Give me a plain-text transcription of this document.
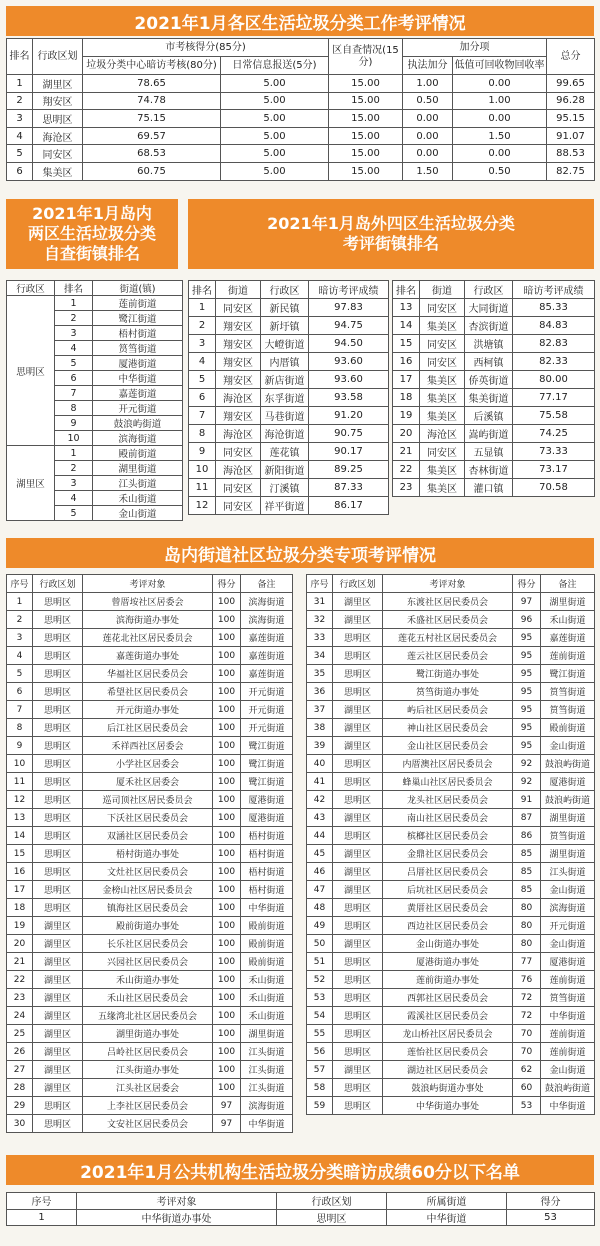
2021年1月各区生活垃圾分类工作考评情况
排名	行政区划	市考核得分(85分)		区自查情况(15分)	加分项		总分
		垃圾分类中心暗访考核(80分)	日常信息报送(5分)		执法加分	低值可回收物回收率	
1	湖里区	78.65	5.00	15.00	1.00	0.00	99.65
2	翔安区	74.78	5.00	15.00	0.50	1.00	96.28
3	思明区	75.15	5.00	15.00	0.00	0.00	95.15
4	海沧区	69.57	5.00	15.00	0.00	1.50	91.07
5	同安区	68.53	5.00	15.00	0.00	0.00	88.53
6	集美区	60.75	5.00	15.00	1.50	0.50	82.75
2021年1月岛内
两区生活垃圾分类
自查街镇排名
行政区	排名	街道(镇)
思明区	1	莲前街道
	2	鹭江街道
	3	梧村街道
	4	筼筜街道
	5	厦港街道
	6	中华街道
	7	嘉莲街道
	8	开元街道
	9	鼓浪屿街道
	10	滨海街道
湖里区	1	殿前街道
	2	湖里街道
	3	江头街道
	4	禾山街道
	5	金山街道
2021年1月岛外四区生活垃圾分类
考评街镇排名
排名	街道	行政区	暗访考评成绩
1	同安区	新民镇	97.83
2	翔安区	新圩镇	94.75
3	翔安区	大嶝街道	94.50
4	翔安区	内厝镇	93.60
5	翔安区	新店街道	93.60
6	海沧区	东孚街道	93.58
7	翔安区	马巷街道	91.20
8	海沧区	海沧街道	90.75
9	同安区	莲花镇	90.17
10	海沧区	新阳街道	89.25
11	同安区	汀溪镇	87.33
12	同安区	祥平街道	86.17
排名	街道	行政区	暗访考评成绩
13	同安区	大同街道	85.33
14	集美区	杏滨街道	84.83
15	同安区	洪塘镇	82.83
16	同安区	西柯镇	82.33
17	集美区	侨英街道	80.00
18	集美区	集美街道	77.17
19	集美区	后溪镇	75.58
20	海沧区	嵩屿街道	74.25
21	同安区	五显镇	73.33
22	集美区	杏林街道	73.17
23	集美区	灌口镇	70.58
岛内街道社区垃圾分类专项考评情况
序号	行政区划	考评对象	得分	备注
1	思明区	曾厝垵社区居委会	100	滨海街道
2	思明区	滨海街道办事处	100	滨海街道
3	思明区	莲花北社区居民委员会	100	嘉莲街道
4	思明区	嘉莲街道办事处	100	嘉莲街道
5	思明区	华福社区居民委员会	100	嘉莲街道
6	思明区	希望社区居民委员会	100	开元街道
7	思明区	开元街道办事处	100	开元街道
8	思明区	后江社区居民委员会	100	开元街道
9	思明区	禾祥西社区居委会	100	鹭江街道
10	思明区	小学社区居委会	100	鹭江街道
11	思明区	厦禾社区居委会	100	鹭江街道
12	思明区	巡司顶社区居民委员会	100	厦港街道
13	思明区	下沃社区居民委员会	100	厦港街道
14	思明区	双涵社区居民委员会	100	梧村街道
15	思明区	梧村街道办事处	100	梧村街道
16	思明区	文灶社区居民委员会	100	梧村街道
17	思明区	金榜山社区居民委员会	100	梧村街道
18	思明区	镇海社区居民委员会	100	中华街道
19	湖里区	殿前街道办事处	100	殿前街道
20	湖里区	长乐社区居民委员会	100	殿前街道
21	湖里区	兴园社区居民委员会	100	殿前街道
22	湖里区	禾山街道办事处	100	禾山街道
23	湖里区	禾山社区居民委员会	100	禾山街道
24	湖里区	五缘湾北社区居民委员会	100	禾山街道
25	湖里区	湖里街道办事处	100	湖里街道
26	湖里区	吕岭社区居民委员会	100	江头街道
27	湖里区	江头街道办事处	100	江头街道
28	湖里区	江头社区居委会	100	江头街道
29	思明区	上李社区居民委员会	97	滨海街道
30	思明区	文安社区居民委员会	97	中华街道
序号	行政区划	考评对象	得分	备注
31	湖里区	东渡社区居民委员会	97	湖里街道
32	湖里区	禾盛社区居民委员会	96	禾山街道
33	思明区	莲花五村社区居民委员会	95	嘉莲街道
34	思明区	莲云社区居民委员会	95	莲前街道
35	思明区	鹭江街道办事处	95	鹭江街道
36	思明区	筼筜街道办事处	95	筼筜街道
37	湖里区	屿后社区居民委员会	95	筼筜街道
38	湖里区	神山社区居民委员会	95	殿前街道
39	湖里区	金山社区居民委员会	95	金山街道
40	思明区	内厝澳社区居民委员会	92	鼓浪屿街道
41	思明区	蜂巢山社区居民委员会	92	厦港街道
42	思明区	龙头社区居民委员会	91	鼓浪屿街道
43	湖里区	南山社区居民委员会	87	湖里街道
44	思明区	槟榔社区居民委员会	86	筼筜街道
45	湖里区	金鼎社区居民委员会	85	湖里街道
46	湖里区	吕厝社区居民委员会	85	江头街道
47	湖里区	后坑社区居民委员会	85	金山街道
48	思明区	黄厝社区居民委员会	80	滨海街道
49	思明区	西边社区居民委员会	80	开元街道
50	湖里区	金山街道办事处	80	金山街道
51	思明区	厦港街道办事处	77	厦港街道
52	思明区	莲前街道办事处	76	莲前街道
53	思明区	西郭社区居民委员会	72	筼筜街道
54	思明区	霞溪社区居民委员会	72	中华街道
55	思明区	龙山桥社区居民委员会	70	莲前街道
56	思明区	莲怡社区居民委员会	70	莲前街道
57	湖里区	湖边社区居民委员会	62	金山街道
58	思明区	鼓浪屿街道办事处	60	鼓浪屿街道
59	思明区	中华街道办事处	53	中华街道
2021年1月公共机构生活垃圾分类暗访成绩60分以下名单
序号	考评对象	行政区划	所属街道	得分
1	中华街道办事处	思明区	中华街道	53
